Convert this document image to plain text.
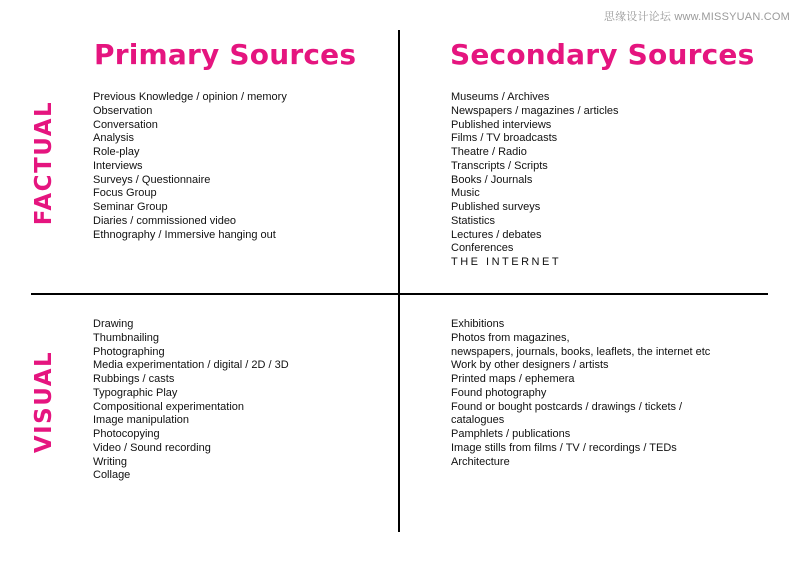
思缘设计论坛 www.MISSYUAN.COM
Primary Sources	Secondary Sources
FACTUAL
VISUAL
Previous Knowledge / opinion / memory
Observation
Conversation
Analysis
Role-play
Interviews
Surveys / Questionnaire
Focus Group
Seminar Group
Diaries / commissioned video
Ethnography / Immersive hanging out
Museums / Archives
Newspapers / magazines / articles
Published interviews
Films / TV broadcasts
Theatre / Radio
Transcripts / Scripts
Books / Journals
Music
Published surveys
Statistics
Lectures / debates
Conferences
THE INTERNET
Drawing
Thumbnailing
Photographing
Media experimentation / digital / 2D / 3D
Rubbings / casts
Typographic Play
Compositional experimentation
Image manipulation
Photocopying
Video / Sound recording
Writing
Collage
Exhibitions
Photos from magazines,
newspapers, journals, books, leaflets, the internet etc
Work by other designers / artists
Printed maps / ephemera
Found photography
Found or bought postcards / drawings / tickets /
catalogues
Pamphlets / publications
Image stills from films / TV / recordings / TEDs
Architecture
